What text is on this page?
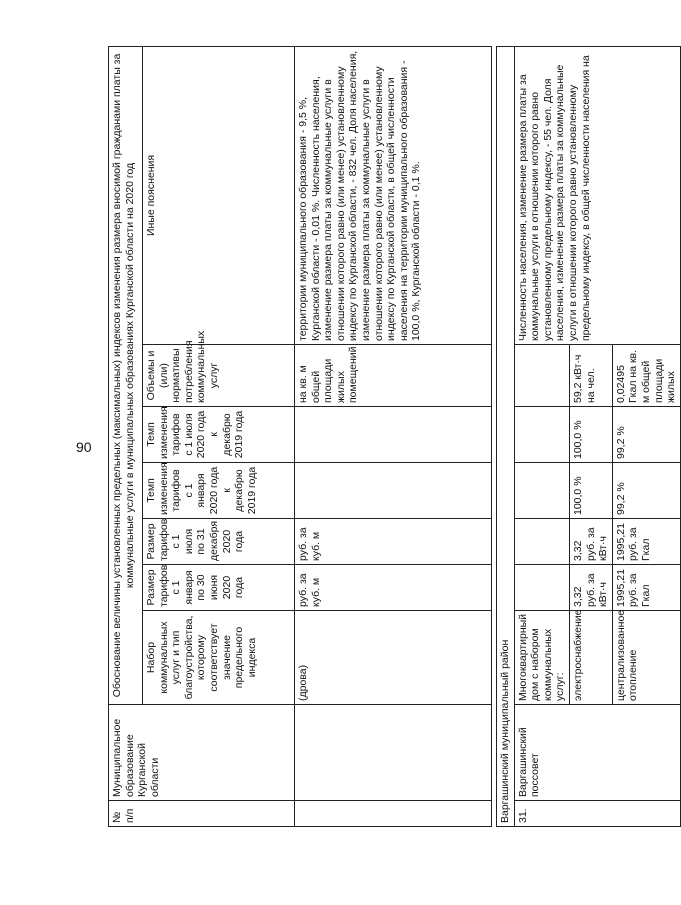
90
№ п/п	Муниципальное образование Курганской области	Обоснование величины установленных предельных (максимальных) индексов изменения размера вносимой гражданами платы за коммунальные услуги в муниципальных образованиях Курганской области на 2020 год						
		Набор коммунальных услуг и тип благоустройства, которому соответствует значение предельного индекса	Размер тарифов с 1 января по 30 июня 2020 года	Размер тарифов с 1 июля по 31 декабря 2020 года	Темп изменения тарифов с 1 января 2020 года к декабрю 2019 года	Темп изменения тарифов с 1 июля 2020 года к декабрю 2019 года	Объемы и (или) нормативы потребления коммунальных услуг	Иные пояснения
		(дрова)	руб. за куб. м	руб. за куб. м			на кв. м общей площади жилых помещений	территории муниципального образования - 9,5 %, Курганской области - 0,01 %. Численность населения, изменение размера платы за коммунальные услуги в отношении которого равно (или менее) установленному индексу по Курганской области, - 832 чел. Доля населения, изменение размера платы за коммунальные услуги в отношении которого равно (или менее) установленному индексу по Курганской области, в общей численности населения на территории муниципального образования - 100,0 %, Курганской области - 0,1 %.

Варгашинский муниципальный район								
31.	Варгашинский поссовет	Многоквартирный дом с набором коммунальных услуг:						Численность населения, изменение размера платы за коммунальные услуги в отношении которого равно установленному предельному индексу, - 55 чел. Доля населения, изменение размера платы за коммунальные услуги в отношении которого равно установленному предельному индексу, в общей численности населения на
		электроснабжение	3,32 руб. за кВт·ч	3,32 руб. за кВт·ч	100,0 %	100,0 %	59,2 кВт·ч на чел.	
		централизованное отопление	1995,21 руб. за Гкал	1995,21 руб. за Гкал	99,2 %	99,2 %	0,02495 Гкал на кв. м общей площади жилых	
